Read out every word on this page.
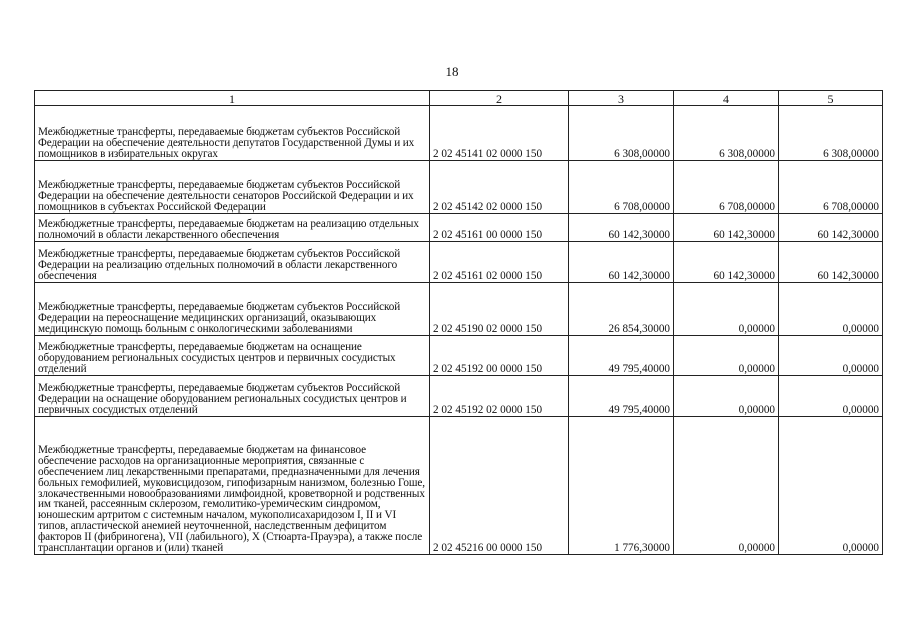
18
1	2	3	4	5
Межбюджетные трансферты, передаваемые бюджетам субъектов Российской Федерации на обеспечение деятельности депутатов Государственной Думы и их помощников в избирательных округах	2 02 45141 02 0000 150	6 308,00000	6 308,00000	6 308,00000
Межбюджетные трансферты, передаваемые бюджетам субъектов Российской Федерации на обеспечение деятельности сенаторов Российской Федерации и их помощников в субъектах Российской Федерации	2 02 45142 02 0000 150	6 708,00000	6 708,00000	6 708,00000
Межбюджетные трансферты, передаваемые бюджетам на реализацию отдельных полномочий в области лекарственного обеспечения	2 02 45161 00 0000 150	60 142,30000	60 142,30000	60 142,30000
Межбюджетные трансферты, передаваемые бюджетам субъектов Российской Федерации на реализацию отдельных полномочий в области лекарственного обеспечения	2 02 45161 02 0000 150	60 142,30000	60 142,30000	60 142,30000
Межбюджетные трансферты, передаваемые бюджетам субъектов Российской Федерации на переоснащение медицинских организаций, оказывающих медицинскую помощь больным с онкологическими заболеваниями	2 02 45190 02 0000 150	26 854,30000	0,00000	0,00000
Межбюджетные трансферты, передаваемые бюджетам на оснащение оборудованием региональных сосудистых центров и первичных сосудистых отделений	2 02 45192 00 0000 150	49 795,40000	0,00000	0,00000
Межбюджетные трансферты, передаваемые бюджетам субъектов Российской Федерации на оснащение оборудованием региональных сосудистых центров и первичных сосудистых отделений	2 02 45192 02 0000 150	49 795,40000	0,00000	0,00000
Межбюджетные трансферты, передаваемые бюджетам на финансовое обеспечение расходов на организационные мероприятия, связанные с обеспечением лиц лекарственными препаратами, предназначенными для лечения больных гемофилией, муковисцидозом, гипофизарным нанизмом, болезнью Гоше, злокачественными новообразованиями лимфоидной, кроветворной и родственных им тканей, рассеянным склерозом, гемолитико-уремическим синдромом, юношеским артритом с системным началом, мукополисахаридозом I, II и VI типов, апластической анемией неуточненной, наследственным дефицитом факторов II (фибриногена), VII (лабильного), X (Стюарта-Прауэра), а также после трансплантации органов и (или) тканей	2 02 45216 00 0000 150	1 776,30000	0,00000	0,00000
